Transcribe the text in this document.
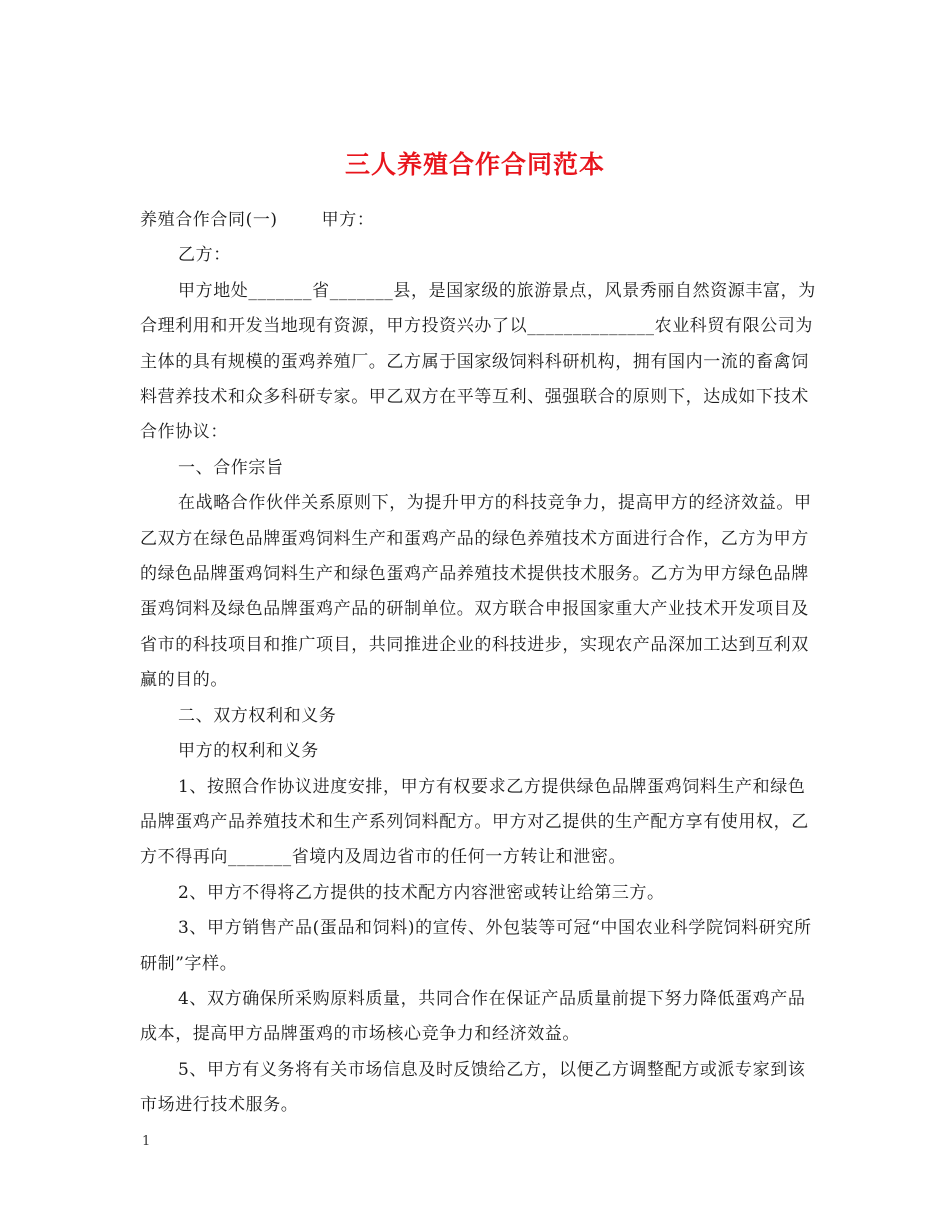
三人养殖合作合同范本

养殖合作合同(一)	甲方：

乙方：

甲方地处_______省_______县，是国家级的旅游景点，风景秀丽自然资源丰富，为合理利用和开发当地现有资源，甲方投资兴办了以______________农业科贸有限公司为主体的具有规模的蛋鸡养殖厂。乙方属于国家级饲料科研机构，拥有国内一流的畜禽饲料营养技术和众多科研专家。甲乙双方在平等互利、强强联合的原则下，达成如下技术合作协议：

一、合作宗旨

在战略合作伙伴关系原则下，为提升甲方的科技竞争力，提高甲方的经济效益。甲乙双方在绿色品牌蛋鸡饲料生产和蛋鸡产品的绿色养殖技术方面进行合作，乙方为甲方的绿色品牌蛋鸡饲料生产和绿色蛋鸡产品养殖技术提供技术服务。乙方为甲方绿色品牌蛋鸡饲料及绿色品牌蛋鸡产品的研制单位。双方联合申报国家重大产业技术开发项目及省市的科技项目和推广项目，共同推进企业的科技进步，实现农产品深加工达到互利双赢的目的。

二、双方权利和义务

甲方的权利和义务

1、按照合作协议进度安排，甲方有权要求乙方提供绿色品牌蛋鸡饲料生产和绿色品牌蛋鸡产品养殖技术和生产系列饲料配方。甲方对乙提供的生产配方享有使用权，乙方不得再向_______省境内及周边省市的任何一方转让和泄密。

2、甲方不得将乙方提供的技术配方内容泄密或转让给第三方。

3、甲方销售产品(蛋品和饲料)的宣传、外包装等可冠“中国农业科学院饲料研究所研制”字样。

4、双方确保所采购原料质量，共同合作在保证产品质量前提下努力降低蛋鸡产品成本，提高甲方品牌蛋鸡的市场核心竞争力和经济效益。

5、甲方有义务将有关市场信息及时反馈给乙方，以便乙方调整配方或派专家到该市场进行技术服务。

1
